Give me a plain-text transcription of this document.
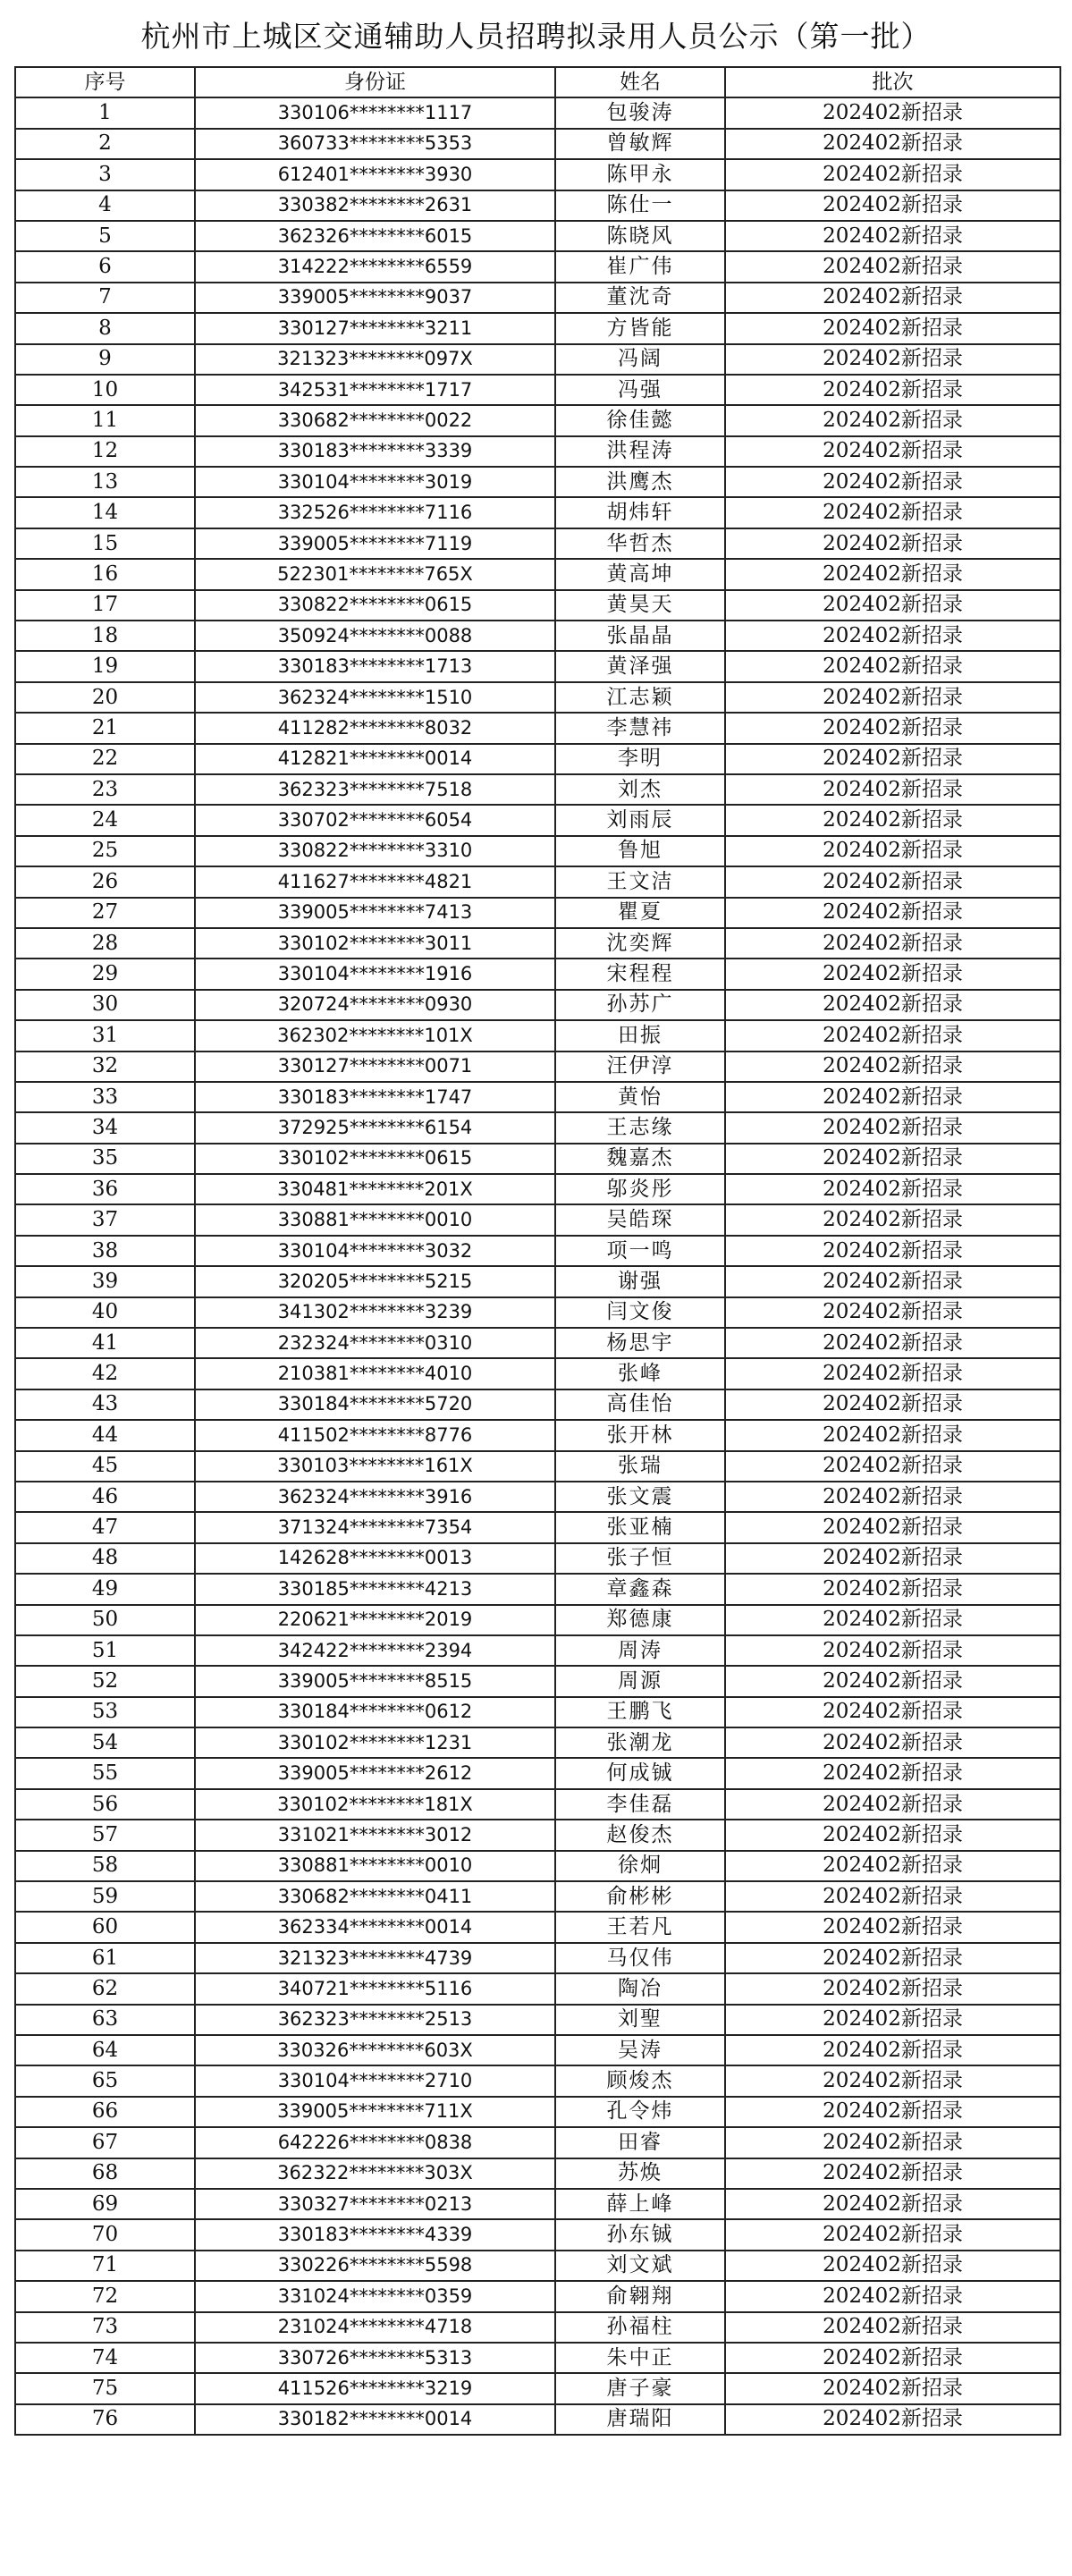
杭州市上城区交通辅助人员招聘拟录用人员公示（第一批）
序号	身份证	姓名	批次
1	330106********1117	包骏涛	202402新招录
2	360733********5353	曾敏辉	202402新招录
3	612401********3930	陈甲永	202402新招录
4	330382********2631	陈仕一	202402新招录
5	362326********6015	陈晓风	202402新招录
6	314222********6559	崔广伟	202402新招录
7	339005********9037	董沈奇	202402新招录
8	330127********3211	方皆能	202402新招录
9	321323********097X	冯阔	202402新招录
10	342531********1717	冯强	202402新招录
11	330682********0022	徐佳懿	202402新招录
12	330183********3339	洪程涛	202402新招录
13	330104********3019	洪鹰杰	202402新招录
14	332526********7116	胡炜轩	202402新招录
15	339005********7119	华哲杰	202402新招录
16	522301********765X	黄高坤	202402新招录
17	330822********0615	黄昊天	202402新招录
18	350924********0088	张晶晶	202402新招录
19	330183********1713	黄泽强	202402新招录
20	362324********1510	江志颖	202402新招录
21	411282********8032	李慧祎	202402新招录
22	412821********0014	李明	202402新招录
23	362323********7518	刘杰	202402新招录
24	330702********6054	刘雨辰	202402新招录
25	330822********3310	鲁旭	202402新招录
26	411627********4821	王文洁	202402新招录
27	339005********7413	瞿夏	202402新招录
28	330102********3011	沈奕辉	202402新招录
29	330104********1916	宋程程	202402新招录
30	320724********0930	孙苏广	202402新招录
31	362302********101X	田振	202402新招录
32	330127********0071	汪伊淳	202402新招录
33	330183********1747	黄怡	202402新招录
34	372925********6154	王志缘	202402新招录
35	330102********0615	魏嘉杰	202402新招录
36	330481********201X	邬炎彤	202402新招录
37	330881********0010	吴皓琛	202402新招录
38	330104********3032	项一鸣	202402新招录
39	320205********5215	谢强	202402新招录
40	341302********3239	闫文俊	202402新招录
41	232324********0310	杨思宇	202402新招录
42	210381********4010	张峰	202402新招录
43	330184********5720	高佳怡	202402新招录
44	411502********8776	张开林	202402新招录
45	330103********161X	张瑞	202402新招录
46	362324********3916	张文震	202402新招录
47	371324********7354	张亚楠	202402新招录
48	142628********0013	张子恒	202402新招录
49	330185********4213	章鑫森	202402新招录
50	220621********2019	郑德康	202402新招录
51	342422********2394	周涛	202402新招录
52	339005********8515	周源	202402新招录
53	330184********0612	王鹏飞	202402新招录
54	330102********1231	张潮龙	202402新招录
55	339005********2612	何成铖	202402新招录
56	330102********181X	李佳磊	202402新招录
57	331021********3012	赵俊杰	202402新招录
58	330881********0010	徐炯	202402新招录
59	330682********0411	俞彬彬	202402新招录
60	362334********0014	王若凡	202402新招录
61	321323********4739	马仅伟	202402新招录
62	340721********5116	陶冶	202402新招录
63	362323********2513	刘聖	202402新招录
64	330326********603X	吴涛	202402新招录
65	330104********2710	顾焌杰	202402新招录
66	339005********711X	孔令炜	202402新招录
67	642226********0838	田睿	202402新招录
68	362322********303X	苏焕	202402新招录
69	330327********0213	薛上峰	202402新招录
70	330183********4339	孙东铖	202402新招录
71	330226********5598	刘文斌	202402新招录
72	331024********0359	俞翱翔	202402新招录
73	231024********4718	孙福柱	202402新招录
74	330726********5313	朱中正	202402新招录
75	411526********3219	唐子豪	202402新招录
76	330182********0014	唐瑞阳	202402新招录
